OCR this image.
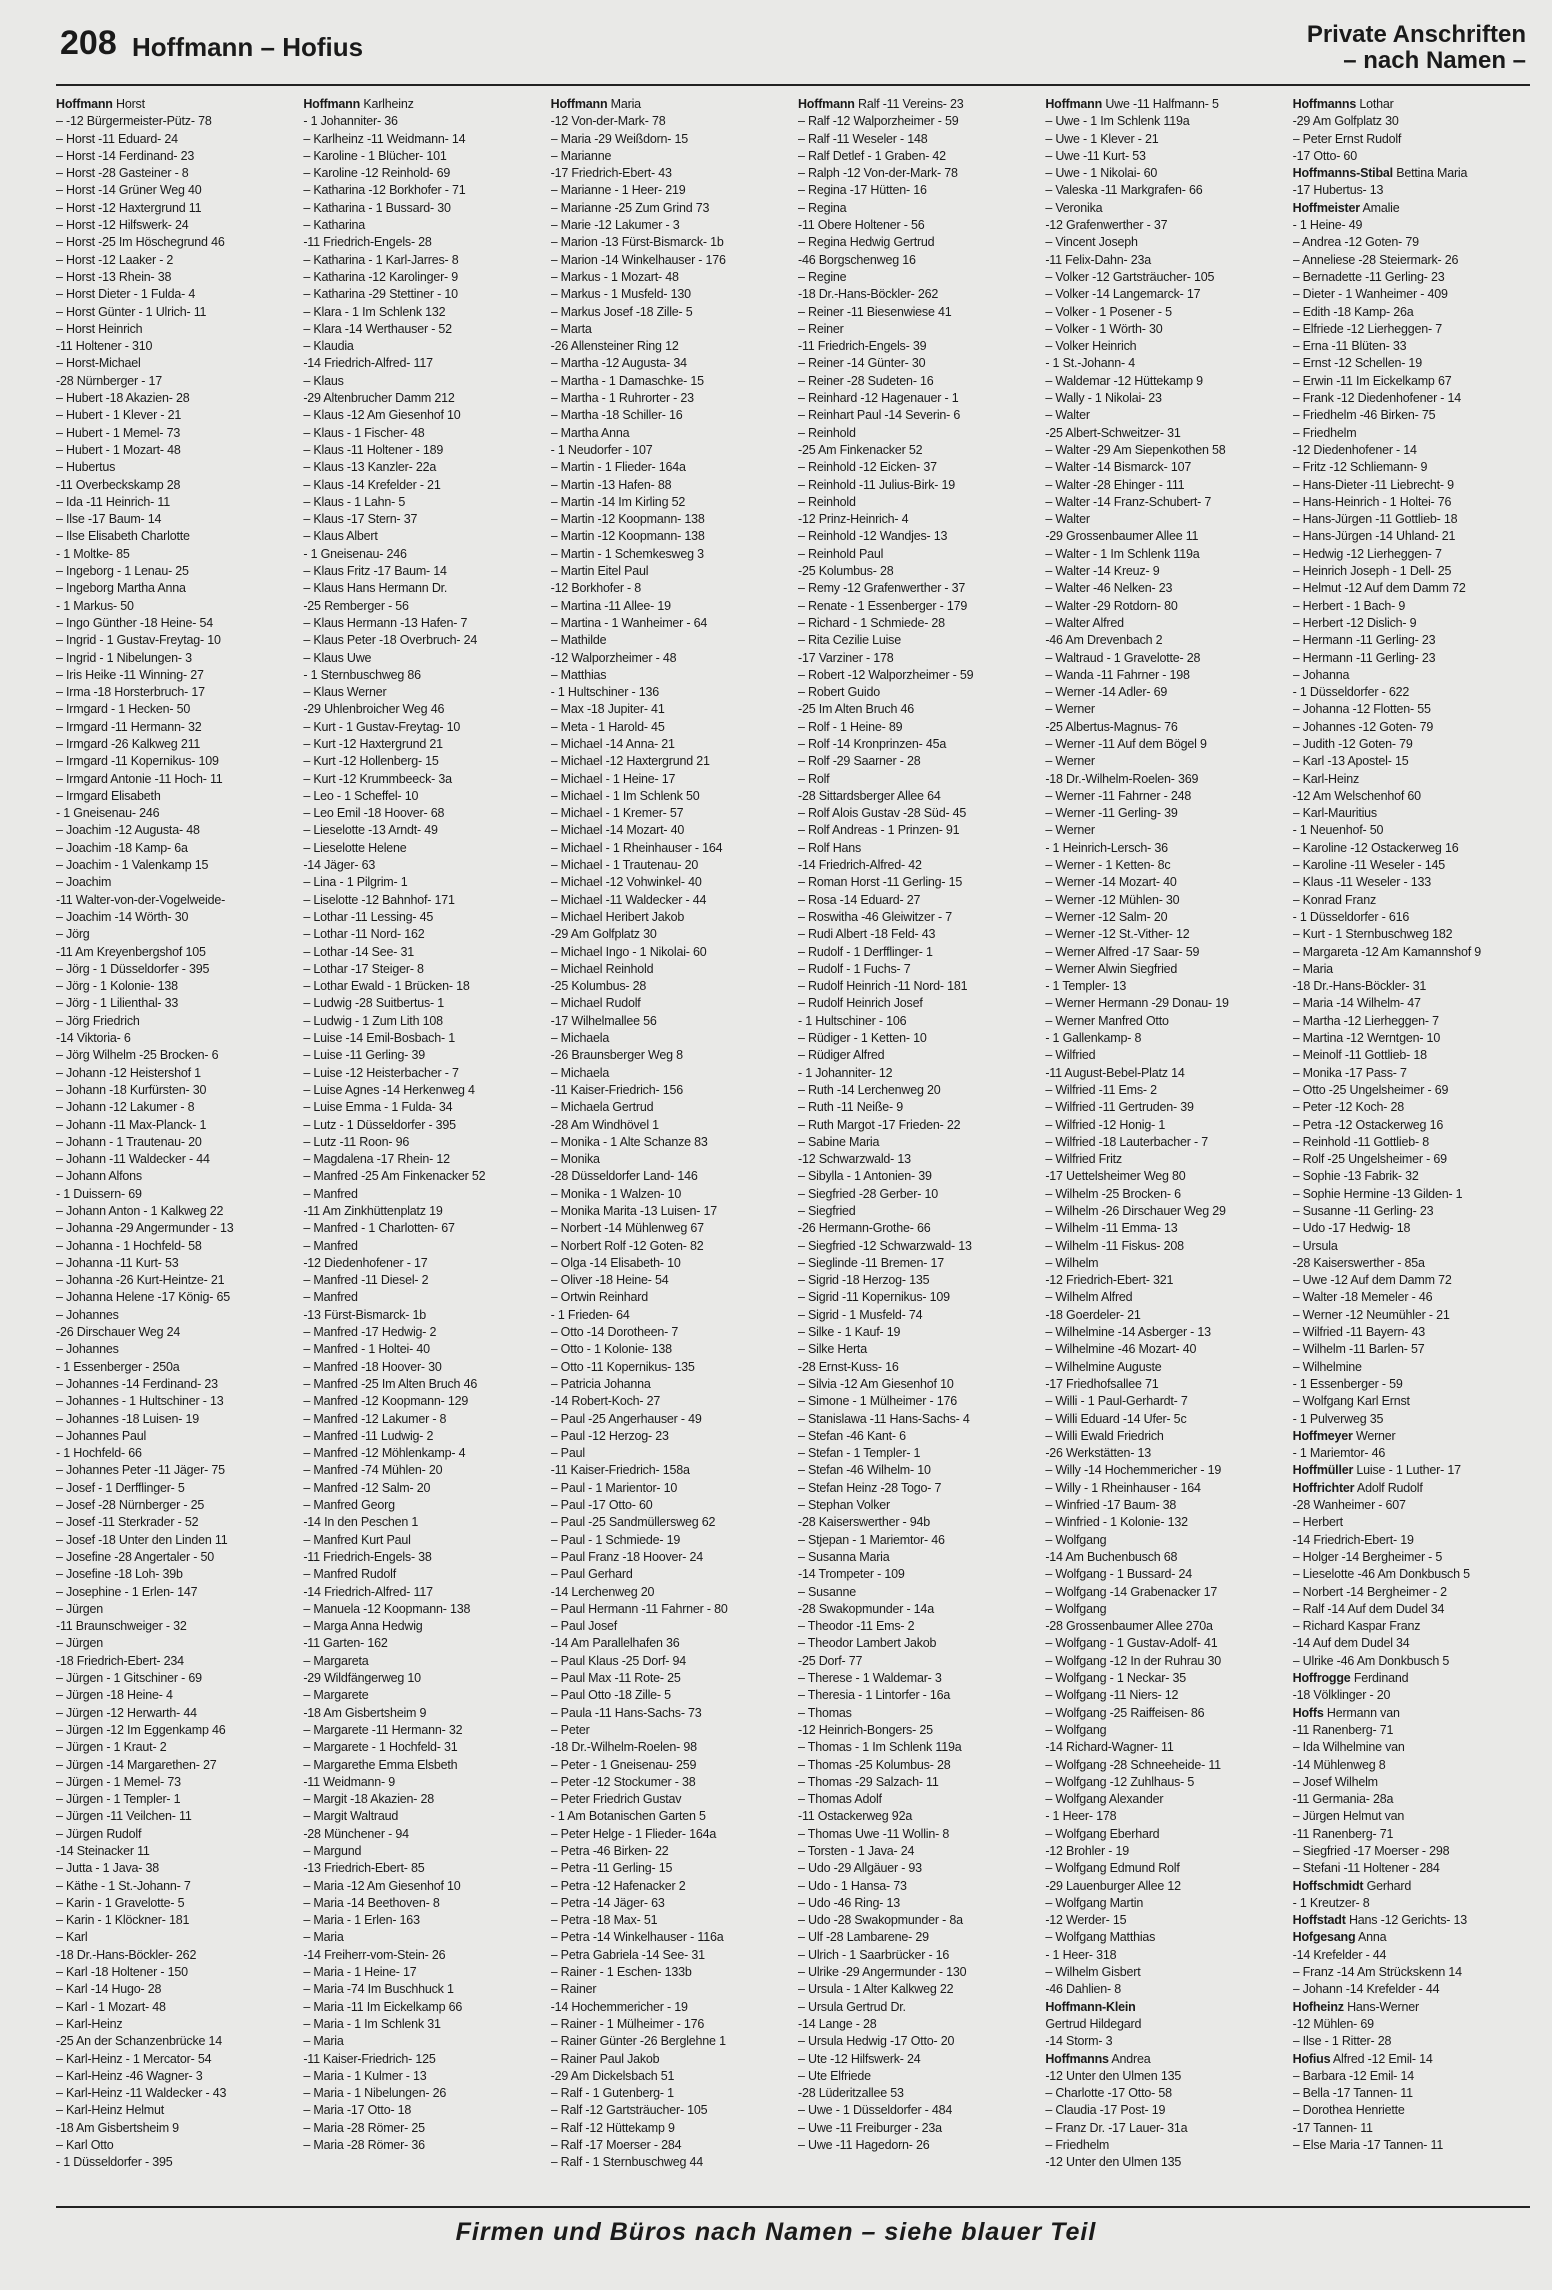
208 Hoffmann – Hofius	Private Anschriften
– nach Namen –
Hoffmann Horst
– -12 Bürgermeister-Pütz- 78
– Horst -11 Eduard- 24
– Horst -14 Ferdinand- 23
– Horst -28 Gasteiner - 8
– Horst -14 Grüner Weg 40
– Horst -12 Haxtergrund 11
– Horst -12 Hilfswerk- 24
– Horst -25 Im Höschegrund 46
– Horst -12 Laaker - 2
– Horst -13 Rhein- 38
– Horst Dieter - 1 Fulda- 4
– Horst Günter - 1 Ulrich- 11
– Horst Heinrich
-11 Holtener - 310
– Horst-Michael
-28 Nürnberger - 17
– Hubert -18 Akazien- 28
– Hubert - 1 Klever - 21
– Hubert - 1 Memel- 73
– Hubert - 1 Mozart- 48
– Hubertus
-11 Overbeckskamp 28
– Ida -11 Heinrich- 11
– Ilse -17 Baum- 14
– Ilse Elisabeth Charlotte
- 1 Moltke- 85
– Ingeborg - 1 Lenau- 25
– Ingeborg Martha Anna
- 1 Markus- 50
– Ingo Günther -18 Heine- 54
– Ingrid - 1 Gustav-Freytag- 10
– Ingrid - 1 Nibelungen- 3
– Iris Heike -11 Winning- 27
– Irma -18 Horsterbruch- 17
– Irmgard - 1 Hecken- 50
– Irmgard -11 Hermann- 32
– Irmgard -26 Kalkweg 211
– Irmgard -11 Kopernikus- 109
– Irmgard Antonie -11 Hoch- 11
– Irmgard Elisabeth
- 1 Gneisenau- 246
– Joachim -12 Augusta- 48
– Joachim -18 Kamp- 6a
– Joachim - 1 Valenkamp 15
– Joachim
-11 Walter-von-der-Vogelweide-
– Joachim -14 Wörth- 30
– Jörg
-11 Am Kreyenbergshof 105
– Jörg - 1 Düsseldorfer - 395
– Jörg - 1 Kolonie- 138
– Jörg - 1 Lilienthal- 33
– Jörg Friedrich
-14 Viktoria- 6
– Jörg Wilhelm -25 Brocken- 6
– Johann -12 Heistershof 1
– Johann -18 Kurfürsten- 30
– Johann -12 Lakumer - 8
– Johann -11 Max-Planck- 1
– Johann - 1 Trautenau- 20
– Johann -11 Waldecker - 44
– Johann Alfons
- 1 Duissern- 69
– Johann Anton - 1 Kalkweg 22
– Johanna -29 Angermunder - 13
– Johanna - 1 Hochfeld- 58
– Johanna -11 Kurt- 53
– Johanna -26 Kurt-Heintze- 21
– Johanna Helene -17 König- 65
– Johannes
-26 Dirschauer Weg 24
– Johannes
- 1 Essenberger - 250a
– Johannes -14 Ferdinand- 23
– Johannes - 1 Hultschiner - 13
– Johannes -18 Luisen- 19
– Johannes Paul
- 1 Hochfeld- 66
– Johannes Peter -11 Jäger- 75
– Josef - 1 Derfflinger- 5
– Josef -28 Nürnberger - 25
– Josef -11 Sterkrader - 52
– Josef -18 Unter den Linden 11
– Josefine -28 Angertaler - 50
– Josefine -18 Loh- 39b
– Josephine - 1 Erlen- 147
– Jürgen
-11 Braunschweiger - 32
– Jürgen
-18 Friedrich-Ebert- 234
– Jürgen - 1 Gitschiner - 69
– Jürgen -18 Heine- 4
– Jürgen -12 Herwarth- 44
– Jürgen -12 Im Eggenkamp 46
– Jürgen - 1 Kraut- 2
– Jürgen -14 Margarethen- 27
– Jürgen - 1 Memel- 73
– Jürgen - 1 Templer- 1
– Jürgen -11 Veilchen- 11
– Jürgen Rudolf
-14 Steinacker 11
– Jutta - 1 Java- 38
– Käthe - 1 St.-Johann- 7
– Karin - 1 Gravelotte- 5
– Karin - 1 Klöckner- 181
– Karl
-18 Dr.-Hans-Böckler- 262
– Karl -18 Holtener - 150
– Karl -14 Hugo- 28
– Karl - 1 Mozart- 48
– Karl-Heinz
-25 An der Schanzenbrücke 14
– Karl-Heinz - 1 Mercator- 54
– Karl-Heinz -46 Wagner- 3
– Karl-Heinz -11 Waldecker - 43
– Karl-Heinz Helmut
-18 Am Gisbertsheim 9
– Karl Otto
- 1 Düsseldorfer - 395
Hoffmann Karlheinz
- 1 Johanniter- 36
– Karlheinz -11 Weidmann- 14
– Karoline - 1 Blücher- 101
– Karoline -12 Reinhold- 69
– Katharina -12 Borkhofer - 71
– Katharina - 1 Bussard- 30
– Katharina
-11 Friedrich-Engels- 28
– Katharina - 1 Karl-Jarres- 8
– Katharina -12 Karolinger- 9
– Katharina -29 Stettiner - 10
– Klara - 1 Im Schlenk 132
– Klara -14 Werthauser - 52
– Klaudia
-14 Friedrich-Alfred- 117
– Klaus
-29 Altenbrucher Damm 212
– Klaus -12 Am Giesenhof 10
– Klaus - 1 Fischer- 48
– Klaus -11 Holtener - 189
– Klaus -13 Kanzler- 22a
– Klaus -14 Krefelder - 21
– Klaus - 1 Lahn- 5
– Klaus -17 Stern- 37
– Klaus Albert
- 1 Gneisenau- 246
– Klaus Fritz -17 Baum- 14
– Klaus Hans Hermann Dr.
-25 Remberger - 56
– Klaus Hermann -13 Hafen- 7
– Klaus Peter -18 Overbruch- 24
– Klaus Uwe
- 1 Sternbuschweg 86
– Klaus Werner
-29 Uhlenbroicher Weg 46
– Kurt - 1 Gustav-Freytag- 10
– Kurt -12 Haxtergrund 21
– Kurt -12 Hollenberg- 15
– Kurt -12 Krummbeeck- 3a
– Leo - 1 Scheffel- 10
– Leo Emil -18 Hoover- 68
– Lieselotte -13 Arndt- 49
– Lieselotte Helene
-14 Jäger- 63
– Lina - 1 Pilgrim- 1
– Liselotte -12 Bahnhof- 171
– Lothar -11 Lessing- 45
– Lothar -11 Nord- 162
– Lothar -14 See- 31
– Lothar -17 Steiger- 8
– Lothar Ewald - 1 Brücken- 18
– Ludwig -28 Suitbertus- 1
– Ludwig - 1 Zum Lith 108
– Luise -14 Emil-Bosbach- 1
– Luise -11 Gerling- 39
– Luise -12 Heisterbacher - 7
– Luise Agnes -14 Herkenweg 4
– Luise Emma - 1 Fulda- 34
– Lutz - 1 Düsseldorfer - 395
– Lutz -11 Roon- 96
– Magdalena -17 Rhein- 12
– Manfred -25 Am Finkenacker 52
– Manfred
-11 Am Zinkhüttenplatz 19
– Manfred - 1 Charlotten- 67
– Manfred
-12 Diedenhofener - 17
– Manfred -11 Diesel- 2
– Manfred
-13 Fürst-Bismarck- 1b
– Manfred -17 Hedwig- 2
– Manfred - 1 Holtei- 40
– Manfred -18 Hoover- 30
– Manfred -25 Im Alten Bruch 46
– Manfred -12 Koopmann- 129
– Manfred -12 Lakumer - 8
– Manfred -11 Ludwig- 2
– Manfred -12 Möhlenkamp- 4
– Manfred -74 Mühlen- 20
– Manfred -12 Salm- 20
– Manfred Georg
-14 In den Peschen 1
– Manfred Kurt Paul
-11 Friedrich-Engels- 38
– Manfred Rudolf
-14 Friedrich-Alfred- 117
– Manuela -12 Koopmann- 138
– Marga Anna Hedwig
-11 Garten- 162
– Margareta
-29 Wildfängerweg 10
– Margarete
-18 Am Gisbertsheim 9
– Margarete -11 Hermann- 32
– Margarete - 1 Hochfeld- 31
– Margarethe Emma Elsbeth
-11 Weidmann- 9
– Margit -18 Akazien- 28
– Margit Waltraud
-28 Münchener - 94
– Margund
-13 Friedrich-Ebert- 85
– Maria -12 Am Giesenhof 10
– Maria -14 Beethoven- 8
– Maria - 1 Erlen- 163
– Maria
-14 Freiherr-vom-Stein- 26
– Maria - 1 Heine- 17
– Maria -74 Im Buschhuck 1
– Maria -11 Im Eickelkamp 66
– Maria - 1 Im Schlenk 31
– Maria
-11 Kaiser-Friedrich- 125
– Maria - 1 Kulmer - 13
– Maria - 1 Nibelungen- 26
– Maria -17 Otto- 18
– Maria -28 Römer- 25
– Maria -28 Römer- 36
Hoffmann Maria
-12 Von-der-Mark- 78
– Maria -29 Weißdorn- 15
– Marianne
-17 Friedrich-Ebert- 43
– Marianne - 1 Heer- 219
– Marianne -25 Zum Grind 73
– Marie -12 Lakumer - 3
– Marion -13 Fürst-Bismarck- 1b
– Marion -14 Winkelhauser - 176
– Markus - 1 Mozart- 48
– Markus - 1 Musfeld- 130
– Markus Josef -18 Zille- 5
– Marta
-26 Allensteiner Ring 12
– Martha -12 Augusta- 34
– Martha - 1 Damaschke- 15
– Martha - 1 Ruhrorter - 23
– Martha -18 Schiller- 16
– Martha Anna
- 1 Neudorfer - 107
– Martin - 1 Flieder- 164a
– Martin -13 Hafen- 88
– Martin -14 Im Kirling 52
– Martin -12 Koopmann- 138
– Martin -12 Koopmann- 138
– Martin - 1 Schemkesweg 3
– Martin Eitel Paul
-12 Borkhofer - 8
– Martina -11 Allee- 19
– Martina - 1 Wanheimer - 64
– Mathilde
-12 Walporzheimer - 48
– Matthias
- 1 Hultschiner - 136
– Max -18 Jupiter- 41
– Meta - 1 Harold- 45
– Michael -14 Anna- 21
– Michael -12 Haxtergrund 21
– Michael - 1 Heine- 17
– Michael - 1 Im Schlenk 50
– Michael - 1 Kremer- 57
– Michael -14 Mozart- 40
– Michael - 1 Rheinhauser - 164
– Michael - 1 Trautenau- 20
– Michael -12 Vohwinkel- 40
– Michael -11 Waldecker - 44
– Michael Heribert Jakob
-29 Am Golfplatz 30
– Michael Ingo - 1 Nikolai- 60
– Michael Reinhold
-25 Kolumbus- 28
– Michael Rudolf
-17 Wilhelmallee 56
– Michaela
-26 Braunsberger Weg 8
– Michaela
-11 Kaiser-Friedrich- 156
– Michaela Gertrud
-28 Am Windhövel 1
– Monika - 1 Alte Schanze 83
– Monika
-28 Düsseldorfer Land- 146
– Monika - 1 Walzen- 10
– Monika Marita -13 Luisen- 17
– Norbert -14 Mühlenweg 67
– Norbert Rolf -12 Goten- 82
– Olga -14 Elisabeth- 10
– Oliver -18 Heine- 54
– Ortwin Reinhard
- 1 Frieden- 64
– Otto -14 Dorotheen- 7
– Otto - 1 Kolonie- 138
– Otto -11 Kopernikus- 135
– Patricia Johanna
-14 Robert-Koch- 27
– Paul -25 Angerhauser - 49
– Paul -12 Herzog- 23
– Paul
-11 Kaiser-Friedrich- 158a
– Paul - 1 Marientor- 10
– Paul -17 Otto- 60
– Paul -25 Sandmüllersweg 62
– Paul - 1 Schmiede- 19
– Paul Franz -18 Hoover- 24
– Paul Gerhard
-14 Lerchenweg 20
– Paul Hermann -11 Fahrner - 80
– Paul Josef
-14 Am Parallelhafen 36
– Paul Klaus -25 Dorf- 94
– Paul Max -11 Rote- 25
– Paul Otto -18 Zille- 5
– Paula -11 Hans-Sachs- 73
– Peter
-18 Dr.-Wilhelm-Roelen- 98
– Peter - 1 Gneisenau- 259
– Peter -12 Stockumer - 38
– Peter Friedrich Gustav
- 1 Am Botanischen Garten 5
– Peter Helge - 1 Flieder- 164a
– Petra -46 Birken- 22
– Petra -11 Gerling- 15
– Petra -12 Hafenacker 2
– Petra -14 Jäger- 63
– Petra -18 Max- 51
– Petra -14 Winkelhauser - 116a
– Petra Gabriela -14 See- 31
– Rainer - 1 Eschen- 133b
– Rainer
-14 Hochemmericher - 19
– Rainer - 1 Mülheimer - 176
– Rainer Günter -26 Berglehne 1
– Rainer Paul Jakob
-29 Am Dickelsbach 51
– Ralf - 1 Gutenberg- 1
– Ralf -12 Gartsträucher- 105
– Ralf -12 Hüttekamp 9
– Ralf -17 Moerser - 284
– Ralf - 1 Sternbuschweg 44
Hoffmann Ralf -11 Vereins- 23
– Ralf -12 Walporzheimer - 59
– Ralf -11 Weseler - 148
– Ralf Detlef - 1 Graben- 42
– Ralph -12 Von-der-Mark- 78
– Regina -17 Hütten- 16
– Regina
-11 Obere Holtener - 56
– Regina Hedwig Gertrud
-46 Borgschenweg 16
– Regine
-18 Dr.-Hans-Böckler- 262
– Reiner -11 Biesenwiese 41
– Reiner
-11 Friedrich-Engels- 39
– Reiner -14 Günter- 30
– Reiner -28 Sudeten- 16
– Reinhard -12 Hagenauer - 1
– Reinhart Paul -14 Severin- 6
– Reinhold
-25 Am Finkenacker 52
– Reinhold -12 Eicken- 37
– Reinhold -11 Julius-Birk- 19
– Reinhold
-12 Prinz-Heinrich- 4
– Reinhold -12 Wandjes- 13
– Reinhold Paul
-25 Kolumbus- 28
– Remy -12 Grafenwerther - 37
– Renate - 1 Essenberger - 179
– Richard - 1 Schmiede- 28
– Rita Cezilie Luise
-17 Varziner - 178
– Robert -12 Walporzheimer - 59
– Robert Guido
-25 Im Alten Bruch 46
– Rolf - 1 Heine- 89
– Rolf -14 Kronprinzen- 45a
– Rolf -29 Saarner - 28
– Rolf
-28 Sittardsberger Allee 64
– Rolf Alois Gustav -28 Süd- 45
– Rolf Andreas - 1 Prinzen- 91
– Rolf Hans
-14 Friedrich-Alfred- 42
– Roman Horst -11 Gerling- 15
– Rosa -14 Eduard- 27
– Roswitha -46 Gleiwitzer - 7
– Rudi Albert -18 Feld- 43
– Rudolf - 1 Derfflinger- 1
– Rudolf - 1 Fuchs- 7
– Rudolf Heinrich -11 Nord- 181
– Rudolf Heinrich Josef
- 1 Hultschiner - 106
– Rüdiger - 1 Ketten- 10
– Rüdiger Alfred
- 1 Johanniter- 12
– Ruth -14 Lerchenweg 20
– Ruth -11 Neiße- 9
– Ruth Margot -17 Frieden- 22
– Sabine Maria
-12 Schwarzwald- 13
– Sibylla - 1 Antonien- 39
– Siegfried -28 Gerber- 10
– Siegfried
-26 Hermann-Grothe- 66
– Siegfried -12 Schwarzwald- 13
– Sieglinde -11 Bremen- 17
– Sigrid -18 Herzog- 135
– Sigrid -11 Kopernikus- 109
– Sigrid - 1 Musfeld- 74
– Silke - 1 Kauf- 19
– Silke Herta
-28 Ernst-Kuss- 16
– Silvia -12 Am Giesenhof 10
– Simone - 1 Mülheimer - 176
– Stanislawa -11 Hans-Sachs- 4
– Stefan -46 Kant- 6
– Stefan - 1 Templer- 1
– Stefan -46 Wilhelm- 10
– Stefan Heinz -28 Togo- 7
– Stephan Volker
-28 Kaiserswerther - 94b
– Stjepan - 1 Mariemtor- 46
– Susanna Maria
-14 Trompeter - 109
– Susanne
-28 Swakopmunder - 14a
– Theodor -11 Ems- 2
– Theodor Lambert Jakob
-25 Dorf- 77
– Therese - 1 Waldemar- 3
– Theresia - 1 Lintorfer - 16a
– Thomas
-12 Heinrich-Bongers- 25
– Thomas - 1 Im Schlenk 119a
– Thomas -25 Kolumbus- 28
– Thomas -29 Salzach- 11
– Thomas Adolf
-11 Ostackerweg 92a
– Thomas Uwe -11 Wollin- 8
– Torsten - 1 Java- 24
– Udo -29 Allgäuer - 93
– Udo - 1 Hansa- 73
– Udo -46 Ring- 13
– Udo -28 Swakopmunder - 8a
– Ulf -28 Lambarene- 29
– Ulrich - 1 Saarbrücker - 16
– Ulrike -29 Angermunder - 130
– Ursula - 1 Alter Kalkweg 22
– Ursula Gertrud Dr.
-14 Lange - 28
– Ursula Hedwig -17 Otto- 20
– Ute -12 Hilfswerk- 24
– Ute Elfriede
-28 Lüderitzallee 53
– Uwe - 1 Düsseldorfer - 484
– Uwe -11 Freiburger - 23a
– Uwe -11 Hagedorn- 26
Hoffmann Uwe -11 Halfmann- 5
– Uwe - 1 Im Schlenk 119a
– Uwe - 1 Klever - 21
– Uwe -11 Kurt- 53
– Uwe - 1 Nikolai- 60
– Valeska -11 Markgrafen- 66
– Veronika
-12 Grafenwerther - 37
– Vincent Joseph
-11 Felix-Dahn- 23a
– Volker -12 Gartsträucher- 105
– Volker -14 Langemarck- 17
– Volker - 1 Posener - 5
– Volker - 1 Wörth- 30
– Volker Heinrich
- 1 St.-Johann- 4
– Waldemar -12 Hüttekamp 9
– Wally - 1 Nikolai- 23
– Walter
-25 Albert-Schweitzer- 31
– Walter -29 Am Siepenkothen 58
– Walter -14 Bismarck- 107
– Walter -28 Ehinger - 111
– Walter -14 Franz-Schubert- 7
– Walter
-29 Grossenbaumer Allee 11
– Walter - 1 Im Schlenk 119a
– Walter -14 Kreuz- 9
– Walter -46 Nelken- 23
– Walter -29 Rotdorn- 80
– Walter Alfred
-46 Am Drevenbach 2
– Waltraud - 1 Gravelotte- 28
– Wanda -11 Fahrner - 198
– Werner -14 Adler- 69
– Werner
-25 Albertus-Magnus- 76
– Werner -11 Auf dem Bögel 9
– Werner
-18 Dr.-Wilhelm-Roelen- 369
– Werner -11 Fahrner - 248
– Werner -11 Gerling- 39
– Werner
- 1 Heinrich-Lersch- 36
– Werner - 1 Ketten- 8c
– Werner -14 Mozart- 40
– Werner -12 Mühlen- 30
– Werner -12 Salm- 20
– Werner -12 St.-Vither- 12
– Werner Alfred -17 Saar- 59
– Werner Alwin Siegfried
- 1 Templer- 13
– Werner Hermann -29 Donau- 19
– Werner Manfred Otto
- 1 Gallenkamp- 8
– Wilfried
-11 August-Bebel-Platz 14
– Wilfried -11 Ems- 2
– Wilfried -11 Gertruden- 39
– Wilfried -12 Honig- 1
– Wilfried -18 Lauterbacher - 7
– Wilfried Fritz
-17 Uettelsheimer Weg 80
– Wilhelm -25 Brocken- 6
– Wilhelm -26 Dirschauer Weg 29
– Wilhelm -11 Emma- 13
– Wilhelm -11 Fiskus- 208
– Wilhelm
-12 Friedrich-Ebert- 321
– Wilhelm Alfred
-18 Goerdeler- 21
– Wilhelmine -14 Asberger - 13
– Wilhelmine -46 Mozart- 40
– Wilhelmine Auguste
-17 Friedhofsallee 71
– Willi - 1 Paul-Gerhardt- 7
– Willi Eduard -14 Ufer- 5c
– Willi Ewald Friedrich
-26 Werkstätten- 13
– Willy -14 Hochemmericher - 19
– Willy - 1 Rheinhauser - 164
– Winfried -17 Baum- 38
– Winfried - 1 Kolonie- 132
– Wolfgang
-14 Am Buchenbusch 68
– Wolfgang - 1 Bussard- 24
– Wolfgang -14 Grabenacker 17
– Wolfgang
-28 Grossenbaumer Allee 270a
– Wolfgang - 1 Gustav-Adolf- 41
– Wolfgang -12 In der Ruhrau 30
– Wolfgang - 1 Neckar- 35
– Wolfgang -11 Niers- 12
– Wolfgang -25 Raiffeisen- 86
– Wolfgang
-14 Richard-Wagner- 11
– Wolfgang -28 Schneeheide- 11
– Wolfgang -12 Zuhlhaus- 5
– Wolfgang Alexander
- 1 Heer- 178
– Wolfgang Eberhard
-12 Brohler - 19
– Wolfgang Edmund Rolf
-29 Lauenburger Allee 12
– Wolfgang Martin
-12 Werder- 15
– Wolfgang Matthias
- 1 Heer- 318
– Wilhelm Gisbert
-46 Dahlien- 8
Hoffmann-Klein
Gertrud Hildegard
-14 Storm- 3
Hoffmanns Andrea
-12 Unter den Ulmen 135
– Charlotte -17 Otto- 58
– Claudia -17 Post- 19
– Franz Dr. -17 Lauer- 31a
– Friedhelm
-12 Unter den Ulmen 135
Hoffmanns Lothar
-29 Am Golfplatz 30
– Peter Ernst Rudolf
-17 Otto- 60
Hoffmanns-Stibal Bettina Maria
-17 Hubertus- 13
Hoffmeister Amalie
- 1 Heine- 49
– Andrea -12 Goten- 79
– Anneliese -28 Steiermark- 26
– Bernadette -11 Gerling- 23
– Dieter - 1 Wanheimer - 409
– Edith -18 Kamp- 26a
– Elfriede -12 Lierheggen- 7
– Erna -11 Blüten- 33
– Ernst -12 Schellen- 19
– Erwin -11 Im Eickelkamp 67
– Frank -12 Diedenhofener - 14
– Friedhelm -46 Birken- 75
– Friedhelm
-12 Diedenhofener - 14
– Fritz -12 Schliemann- 9
– Hans-Dieter -11 Liebrecht- 9
– Hans-Heinrich - 1 Holtei- 76
– Hans-Jürgen -11 Gottlieb- 18
– Hans-Jürgen -14 Uhland- 21
– Hedwig -12 Lierheggen- 7
– Heinrich Joseph - 1 Dell- 25
– Helmut -12 Auf dem Damm 72
– Herbert - 1 Bach- 9
– Herbert -12 Dislich- 9
– Hermann -11 Gerling- 23
– Hermann -11 Gerling- 23
– Johanna
- 1 Düsseldorfer - 622
– Johanna -12 Flotten- 55
– Johannes -12 Goten- 79
– Judith -12 Goten- 79
– Karl -13 Apostel- 15
– Karl-Heinz
-12 Am Welschenhof 60
– Karl-Mauritius
- 1 Neuenhof- 50
– Karoline -12 Ostackerweg 16
– Karoline -11 Weseler - 145
– Klaus -11 Weseler - 133
– Konrad Franz
- 1 Düsseldorfer - 616
– Kurt - 1 Sternbuschweg 182
– Margareta -12 Am Kamannshof 9
– Maria
-18 Dr.-Hans-Böckler- 31
– Maria -14 Wilhelm- 47
– Martha -12 Lierheggen- 7
– Martina -12 Werntgen- 10
– Meinolf -11 Gottlieb- 18
– Monika -17 Pass- 7
– Otto -25 Ungelsheimer - 69
– Peter -12 Koch- 28
– Petra -12 Ostackerweg 16
– Reinhold -11 Gottlieb- 8
– Rolf -25 Ungelsheimer - 69
– Sophie -13 Fabrik- 32
– Sophie Hermine -13 Gilden- 1
– Susanne -11 Gerling- 23
– Udo -17 Hedwig- 18
– Ursula
-28 Kaiserswerther - 85a
– Uwe -12 Auf dem Damm 72
– Walter -18 Memeler - 46
– Werner -12 Neumühler - 21
– Wilfried -11 Bayern- 43
– Wilhelm -11 Barlen- 57
– Wilhelmine
- 1 Essenberger - 59
– Wolfgang Karl Ernst
- 1 Pulverweg 35
Hoffmeyer Werner
- 1 Mariemtor- 46
Hoffmüller Luise - 1 Luther- 17
Hoffrichter Adolf Rudolf
-28 Wanheimer - 607
– Herbert
-14 Friedrich-Ebert- 19
– Holger -14 Bergheimer - 5
– Lieselotte -46 Am Donkbusch 5
– Norbert -14 Bergheimer - 2
– Ralf -14 Auf dem Dudel 34
– Richard Kaspar Franz
-14 Auf dem Dudel 34
– Ulrike -46 Am Donkbusch 5
Hoffrogge Ferdinand
-18 Völklinger - 20
Hoffs Hermann van
-11 Ranenberg- 71
– Ida Wilhelmine van
-14 Mühlenweg 8
– Josef Wilhelm
-11 Germania- 28a
– Jürgen Helmut van
-11 Ranenberg- 71
– Siegfried -17 Moerser - 298
– Stefani -11 Holtener - 284
Hoffschmidt Gerhard
- 1 Kreutzer- 8
Hoffstadt Hans -12 Gerichts- 13
Hofgesang Anna
-14 Krefelder - 44
– Franz -14 Am Strückskenn 14
– Johann -14 Krefelder - 44
Hofheinz Hans-Werner
-12 Mühlen- 69
– Ilse - 1 Ritter- 28
Hofius Alfred -12 Emil- 14
– Barbara -12 Emil- 14
– Bella -17 Tannen- 11
– Dorothea Henriette
-17 Tannen- 11
– Else Maria -17 Tannen- 11
Firmen und Büros nach Namen – siehe blauer Teil
